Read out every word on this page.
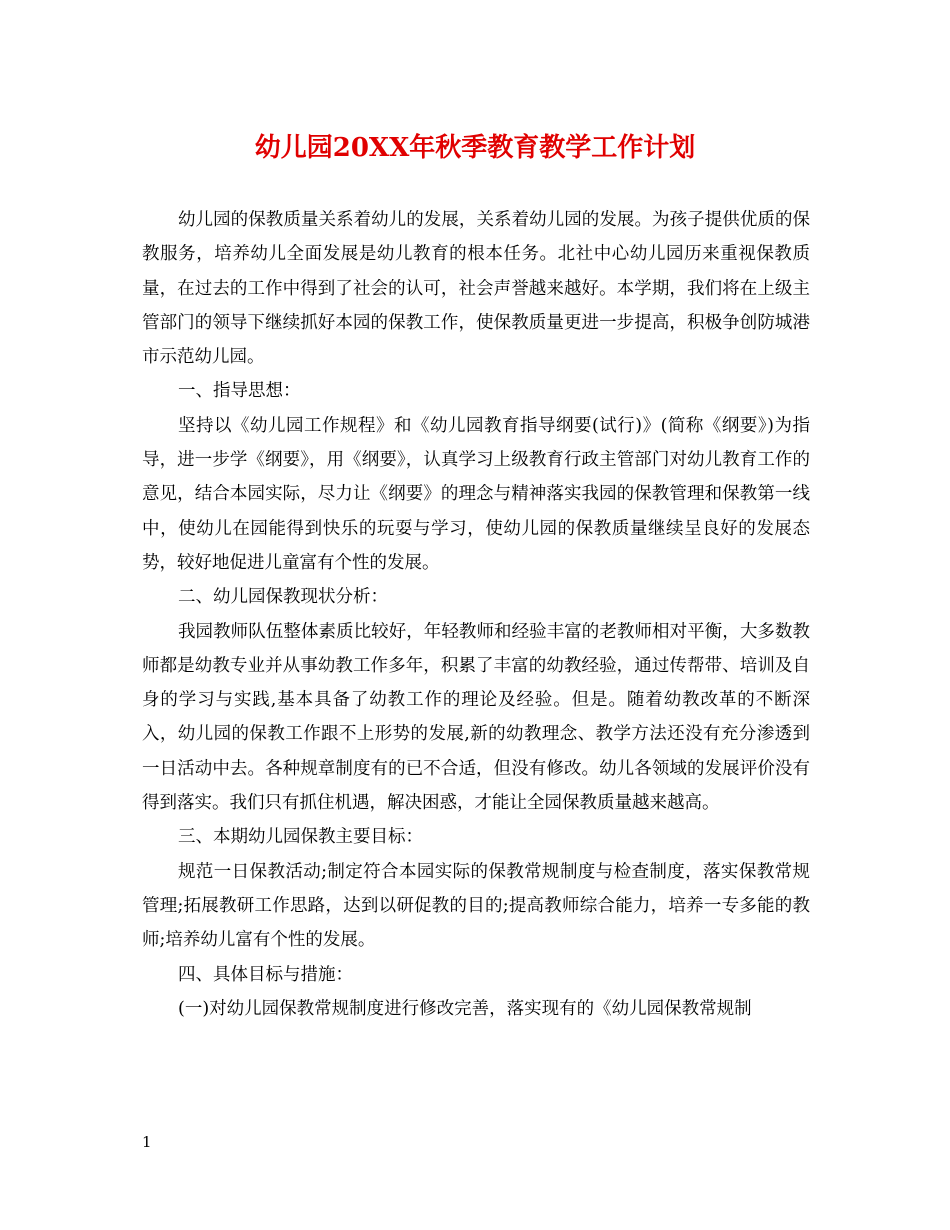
幼儿园20XX年秋季教育教学工作计划

幼儿园的保教质量关系着幼儿的发展，关系着幼儿园的发展。为孩子提供优质的保教服务，培养幼儿全面发展是幼儿教育的根本任务。北社中心幼儿园历来重视保教质量，在过去的工作中得到了社会的认可，社会声誉越来越好。本学期，我们将在上级主管部门的领导下继续抓好本园的保教工作，使保教质量更进一步提高，积极争创防城港市示范幼儿园。

一、指导思想：

坚持以《幼儿园工作规程》和《幼儿园教育指导纲要(试行)》(简称《纲要》)为指导，进一步学《纲要》，用《纲要》，认真学习上级教育行政主管部门对幼儿教育工作的意见，结合本园实际，尽力让《纲要》的理念与精神落实我园的保教管理和保教第一线中，使幼儿在园能得到快乐的玩耍与学习，使幼儿园的保教质量继续呈良好的发展态势，较好地促进儿童富有个性的发展。

二、幼儿园保教现状分析：

我园教师队伍整体素质比较好，年轻教师和经验丰富的老教师相对平衡，大多数教师都是幼教专业并从事幼教工作多年，积累了丰富的幼教经验，通过传帮带、培训及自身的学习与实践,基本具备了幼教工作的理论及经验。但是。随着幼教改革的不断深入，幼儿园的保教工作跟不上形势的发展,新的幼教理念、教学方法还没有充分渗透到一日活动中去。各种规章制度有的已不合适，但没有修改。幼儿各领域的发展评价没有得到落实。我们只有抓住机遇，解决困惑，才能让全园保教质量越来越高。

三、本期幼儿园保教主要目标：

规范一日保教活动;制定符合本园实际的保教常规制度与检查制度，落实保教常规管理;拓展教研工作思路，达到以研促教的目的;提高教师综合能力，培养一专多能的教师;培养幼儿富有个性的发展。

四、具体目标与措施：

(一)对幼儿园保教常规制度进行修改完善，落实现有的《幼儿园保教常规制

1
